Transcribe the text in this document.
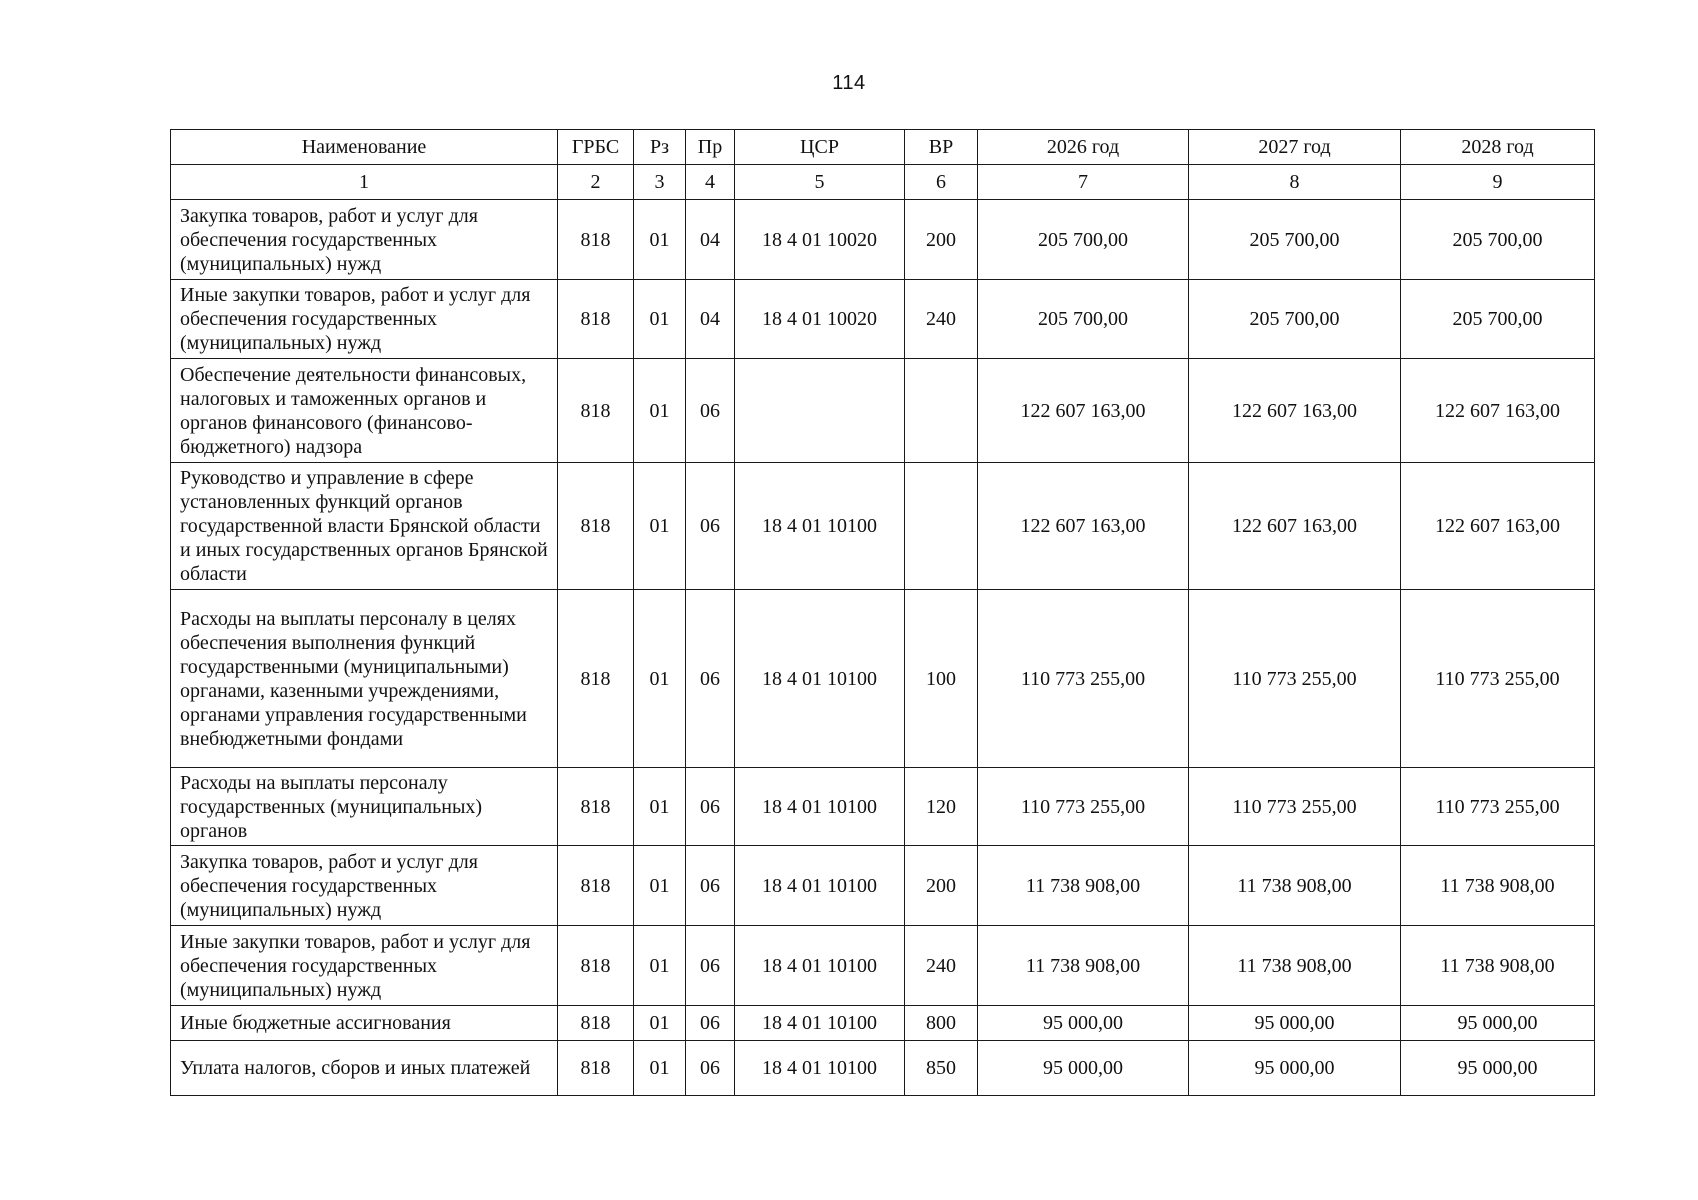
114
Наименование	ГРБС	Рз	Пр	ЦСР	ВР	2026 год	2027 год	2028 год
1	2	3	4	5	6	7	8	9
Закупка товаров, работ и услуг для обеспечения государственных (муниципальных) нужд	818	01	04	18 4 01 10020	200	205 700,00	205 700,00	205 700,00
Иные закупки товаров, работ и услуг для обеспечения государственных (муниципальных) нужд	818	01	04	18 4 01 10020	240	205 700,00	205 700,00	205 700,00
Обеспечение деятельности финансовых, налоговых и таможенных органов и органов финансового (финансово-бюджетного) надзора	818	01	06			122 607 163,00	122 607 163,00	122 607 163,00
Руководство и управление в сфере установленных функций органов государственной власти Брянской области и иных государственных органов Брянской области	818	01	06	18 4 01 10100		122 607 163,00	122 607 163,00	122 607 163,00
Расходы на выплаты персоналу в целях обеспечения выполнения функций государственными (муниципальными) органами, казенными учреждениями, органами управления государственными внебюджетными фондами	818	01	06	18 4 01 10100	100	110 773 255,00	110 773 255,00	110 773 255,00
Расходы на выплаты персоналу государственных (муниципальных) органов	818	01	06	18 4 01 10100	120	110 773 255,00	110 773 255,00	110 773 255,00
Закупка товаров, работ и услуг для обеспечения государственных (муниципальных) нужд	818	01	06	18 4 01 10100	200	11 738 908,00	11 738 908,00	11 738 908,00
Иные закупки товаров, работ и услуг для обеспечения государственных (муниципальных) нужд	818	01	06	18 4 01 10100	240	11 738 908,00	11 738 908,00	11 738 908,00
Иные бюджетные ассигнования	818	01	06	18 4 01 10100	800	95 000,00	95 000,00	95 000,00
Уплата налогов, сборов и иных платежей	818	01	06	18 4 01 10100	850	95 000,00	95 000,00	95 000,00
